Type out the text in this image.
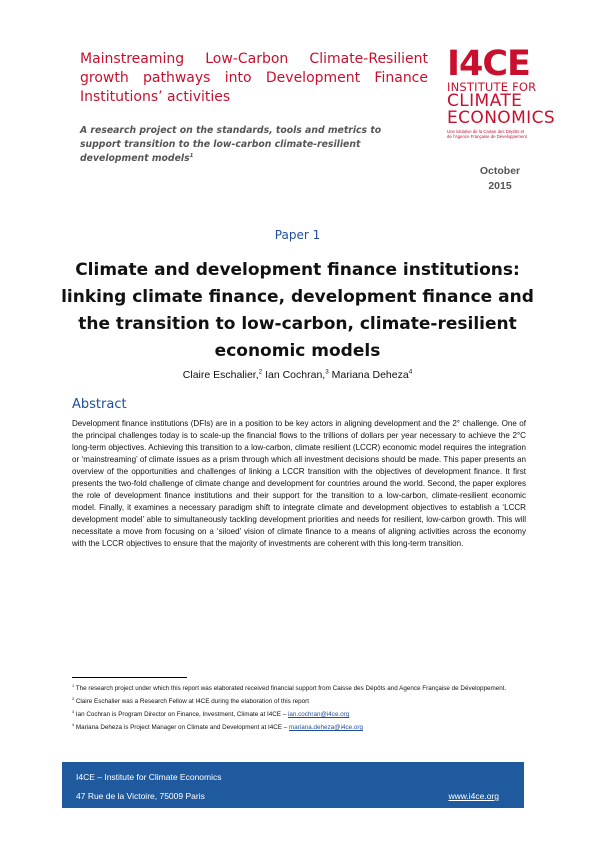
Mainstreaming Low-Carbon Climate-Resilient growth pathways into Development Finance Institutions’ activities
I4CE
INSTITUTE FOR
CLIMATE
ECONOMICS
Une initiative de la Caisse des Dépôts et
de l’Agence Française de Développement
A research project on the standards, tools and metrics to support transition to the low-carbon climate-resilient development models$^1$
October
2015
Paper 1
Climate and development finance institutions:
linking climate finance, development finance and
the transition to low-carbon, climate-resilient
economic models
Claire Eschalier,$^2$ Ian Cochran,$^3$ Mariana Deheza$^4$
Abstract
Development finance institutions (DFIs) are in a position to be key actors in aligning development and the 2° challenge. One of the principal challenges today is to scale-up the financial flows to the trillions of dollars per year necessary to achieve the 2°C long-term objectives. Achieving this transition to a low-carbon, climate resilient (LCCR) economic model requires the integration or ‘mainstreaming’ of climate issues as a prism through which all investment decisions should be made. This paper presents an overview of the opportunities and challenges of linking a LCCR transition with the objectives of development finance. It first presents the two-fold challenge of climate change and development for countries around the world. Second, the paper explores the role of development finance institutions and their support for the transition to a low-carbon, climate-resilient economic model. Finally, it examines a necessary paradigm shift to integrate climate and development objectives to establish a ‘LCCR development model’ able to simultaneously tackling development priorities and needs for resilient, low-carbon growth. This will necessitate a move from focusing on a ‘siloed’ vision of climate finance to a means of aligning activities across the economy with the LCCR objectives to ensure that the majority of investments are coherent with this long-term transition.
$^1$ The research project under which this report was elaborated received financial support from Caisse des Dépôts and Agence Française de Développement.
$^2$ Claire Eschalier was a Research Fellow at I4CE during the elaboration of this report
$^3$ Ian Cochran is Program Director on Finance, Investment, Climate at I4CE – ian.cochran@i4ce.org
$^4$ Mariana Deheza is Project Manager on Climate and Development at I4CE – mariana.deheza@i4ce.org
I4CE – Institute for Climate Economics
47 Rue de la Victoire, 75009 Paris	www.i4ce.org
